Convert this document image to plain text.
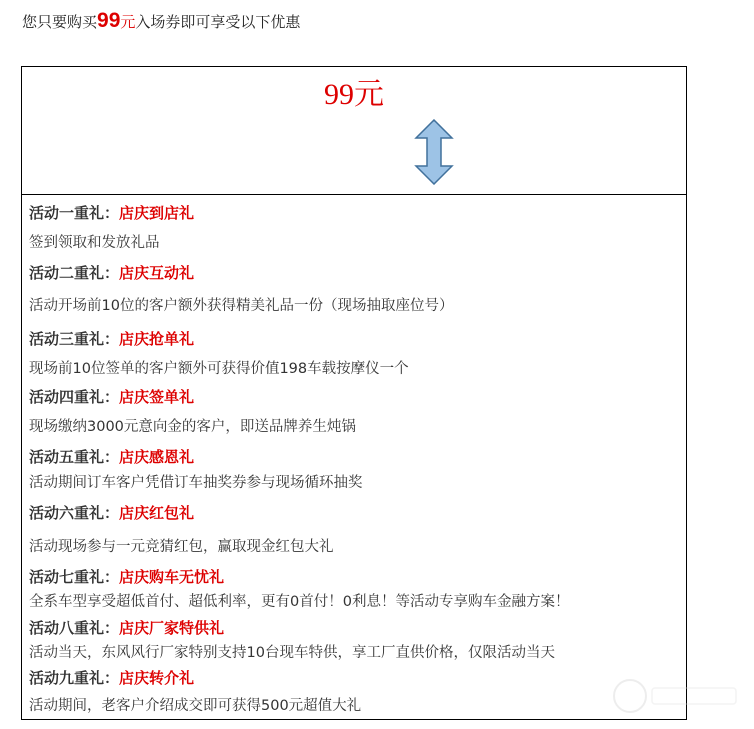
您只要购买99元入场券即可享受以下优惠
99元
活动一重礼：店庆到店礼
签到领取和发放礼品
活动二重礼：店庆互动礼
活动开场前10位的客户额外获得精美礼品一份（现场抽取座位号）
活动三重礼：店庆抢单礼
现场前10位签单的客户额外可获得价值198车载按摩仪一个
活动四重礼：店庆签单礼
现场缴纳3000元意向金的客户，即送品牌养生炖锅
活动五重礼：店庆感恩礼
活动期间订车客户凭借订车抽奖券参与现场循环抽奖
活动六重礼：店庆红包礼
活动现场参与一元竞猜红包，赢取现金红包大礼
活动七重礼：店庆购车无忧礼
全系车型享受超低首付、超低利率，更有0首付！0利息！等活动专享购车金融方案！
活动八重礼：店庆厂家特供礼
活动当天，东风风行厂家特别支持10台现车特供，享工厂直供价格，仅限活动当天
活动九重礼：店庆转介礼
活动期间，老客户介绍成交即可获得500元超值大礼
